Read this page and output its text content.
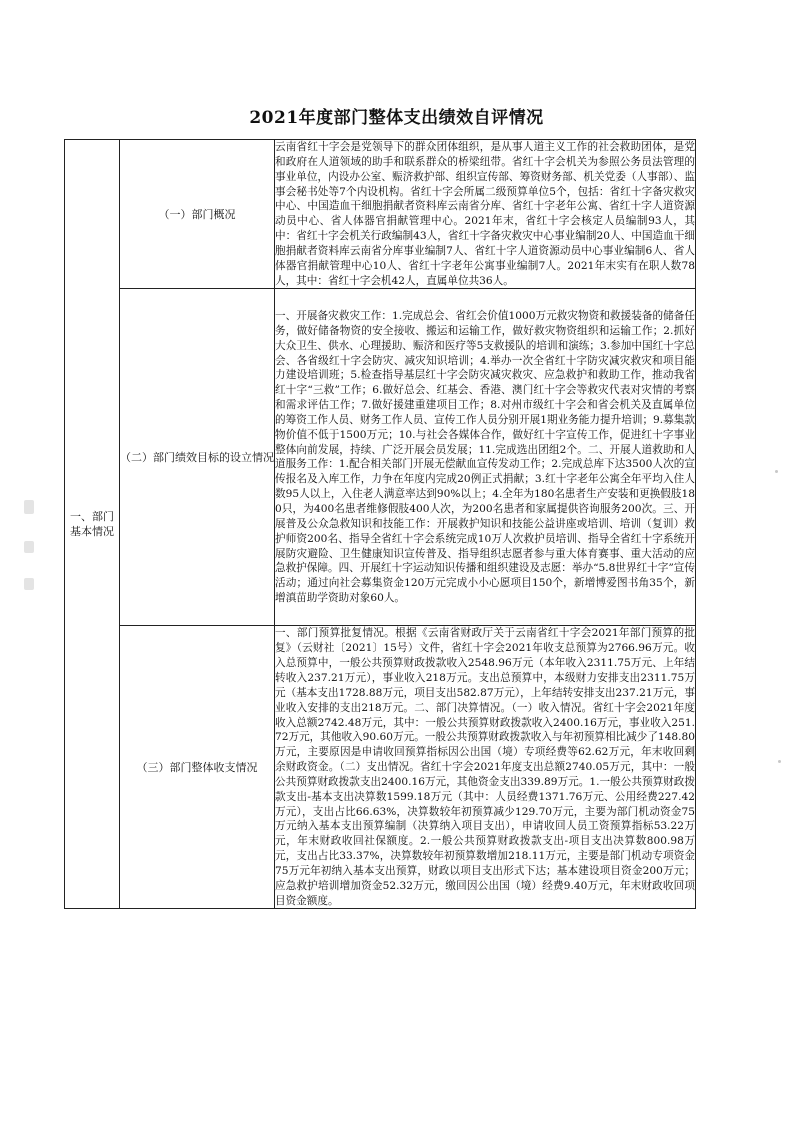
2021年度部门整体支出绩效自评情况
一、部门基本情况	（一）部门概况	云南省红十字会是党领导下的群众团体组织，是从事人道主义工作的社会救助团体，是党和政府在人道领域的助手和联系群众的桥梁纽带。省红十字会机关为参照公务员法管理的事业单位，内设办公室、赈济救护部、组织宣传部、筹资财务部、机关党委（人事部）、监事会秘书处等7个内设机构。省红十字会所属二级预算单位5个，包括：省红十字备灾救灾中心、中国造血干细胞捐献者资料库云南省分库、省红十字老年公寓、省红十字人道资源动员中心、省人体器官捐献管理中心。2021年末，省红十字会核定人员编制93人，其中：省红十字会机关行政编制43人，省红十字备灾救灾中心事业编制20人、中国造血干细胞捐献者资料库云南省分库事业编制7人、省红十字人道资源动员中心事业编制6人、省人体器官捐献管理中心10人、省红十字老年公寓事业编制7人。2021年末实有在职人数78人，其中：省红十字会机42人，直属单位共36人。
	（二）部门绩效目标的设立情况	一、开展备灾救灾工作：1.完成总会、省红会价值1000万元救灾物资和救援装备的储备任务，做好储备物资的安全接收、搬运和运输工作，做好救灾物资组织和运输工作；2.抓好大众卫生、供水、心理援助、赈济和医疗等5支救援队的培训和演练；3.参加中国红十字总会、各省级红十字会防灾、减灾知识培训；4.举办一次全省红十字防灾减灾救灾和项目能力建设培训班；5.检查指导基层红十字会防灾减灾救灾、应急救护和救助工作，推动我省红十字“三救”工作；6.做好总会、红基会、香港、澳门红十字会等救灾代表对灾情的考察和需求评估工作；7.做好援建重建项目工作；8.对州市级红十字会和省会机关及直属单位的筹资工作人员、财务工作人员、宣传工作人员分别开展1期业务能力提升培训；9.募集款物价值不低于1500万元；10.与社会各媒体合作，做好红十字宣传工作，促进红十字事业整体向前发展，持续、广泛开展会员发展；11.完成选出团组2个。二、开展人道救助和人道服务工作：1.配合相关部门开展无偿献血宣传发动工作；2.完成总库下达3500人次的宣传报名及入库工作，力争在年度内完成20例正式捐献；3.红十字老年公寓全年平均入住人数95人以上，入住老人满意率达到90%以上；4.全年为180名患者生产安装和更换假肢180只，为400名患者维修假肢400人次，为200名患者和家属提供咨询服务200次。三、开展普及公众急救知识和技能工作：开展救护知识和技能公益讲座或培训、培训（复训）救护师资200名、指导全省红十字会系统完成10万人次救护员培训、指导全省红十字系统开展防灾避险、卫生健康知识宣传普及、指导组织志愿者参与重大体育赛事、重大活动的应急救护保障。四、开展红十字运动知识传播和组织建设及志愿：举办“5.8世界红十字”宣传活动；通过向社会募集资金120万元完成小小心愿项目150个，新增博爱图书角35个，新增滇苗助学资助对象60人。
	（三）部门整体收支情况	一、部门预算批复情况。根据《云南省财政厅关于云南省红十字会2021年部门预算的批复》（云财社〔2021〕15号）文件，省红十字会2021年收支总预算为2766.96万元。收入总预算中，一般公共预算财政拨款收入2548.96万元（本年收入2311.75万元、上年结转收入237.21万元），事业收入218万元。支出总预算中，本级财力安排支出2311.75万元（基本支出1728.88万元，项目支出582.87万元），上年结转安排支出237.21万元，事业收入安排的支出218万元。二、部门决算情况。（一）收入情况。省红十字会2021年度收入总额2742.48万元，其中：一般公共预算财政拨款收入2400.16万元，事业收入251.72万元，其他收入90.60万元。一般公共预算财政拨款收入与年初预算相比减少了148.80万元，主要原因是申请收回预算指标因公出国（境）专项经费等62.62万元，年末收回剩余财政资金。（二）支出情况。省红十字会2021年度支出总额2740.05万元，其中：一般公共预算财政拨款支出2400.16万元，其他资金支出339.89万元。1.一般公共预算财政拨款支出-基本支出决算数1599.18万元（其中：人员经费1371.76万元、公用经费227.42万元），支出占比66.63%，决算数较年初预算减少129.70万元，主要为部门机动资金75万元纳入基本支出预算编制（决算纳入项目支出），申请收回人员工资预算指标53.22万元，年末财政收回社保额度。2.一般公共预算财政拨款支出-项目支出决算数800.98万元，支出占比33.37%，决算数较年初预算数增加218.11万元，主要是部门机动专项资金75万元年初纳入基本支出预算，财政以项目支出形式下达；基本建设项目资金200万元；应急救护培训增加资金52.32万元，缴回因公出国（境）经费9.40万元，年末财政收回项目资金额度。
